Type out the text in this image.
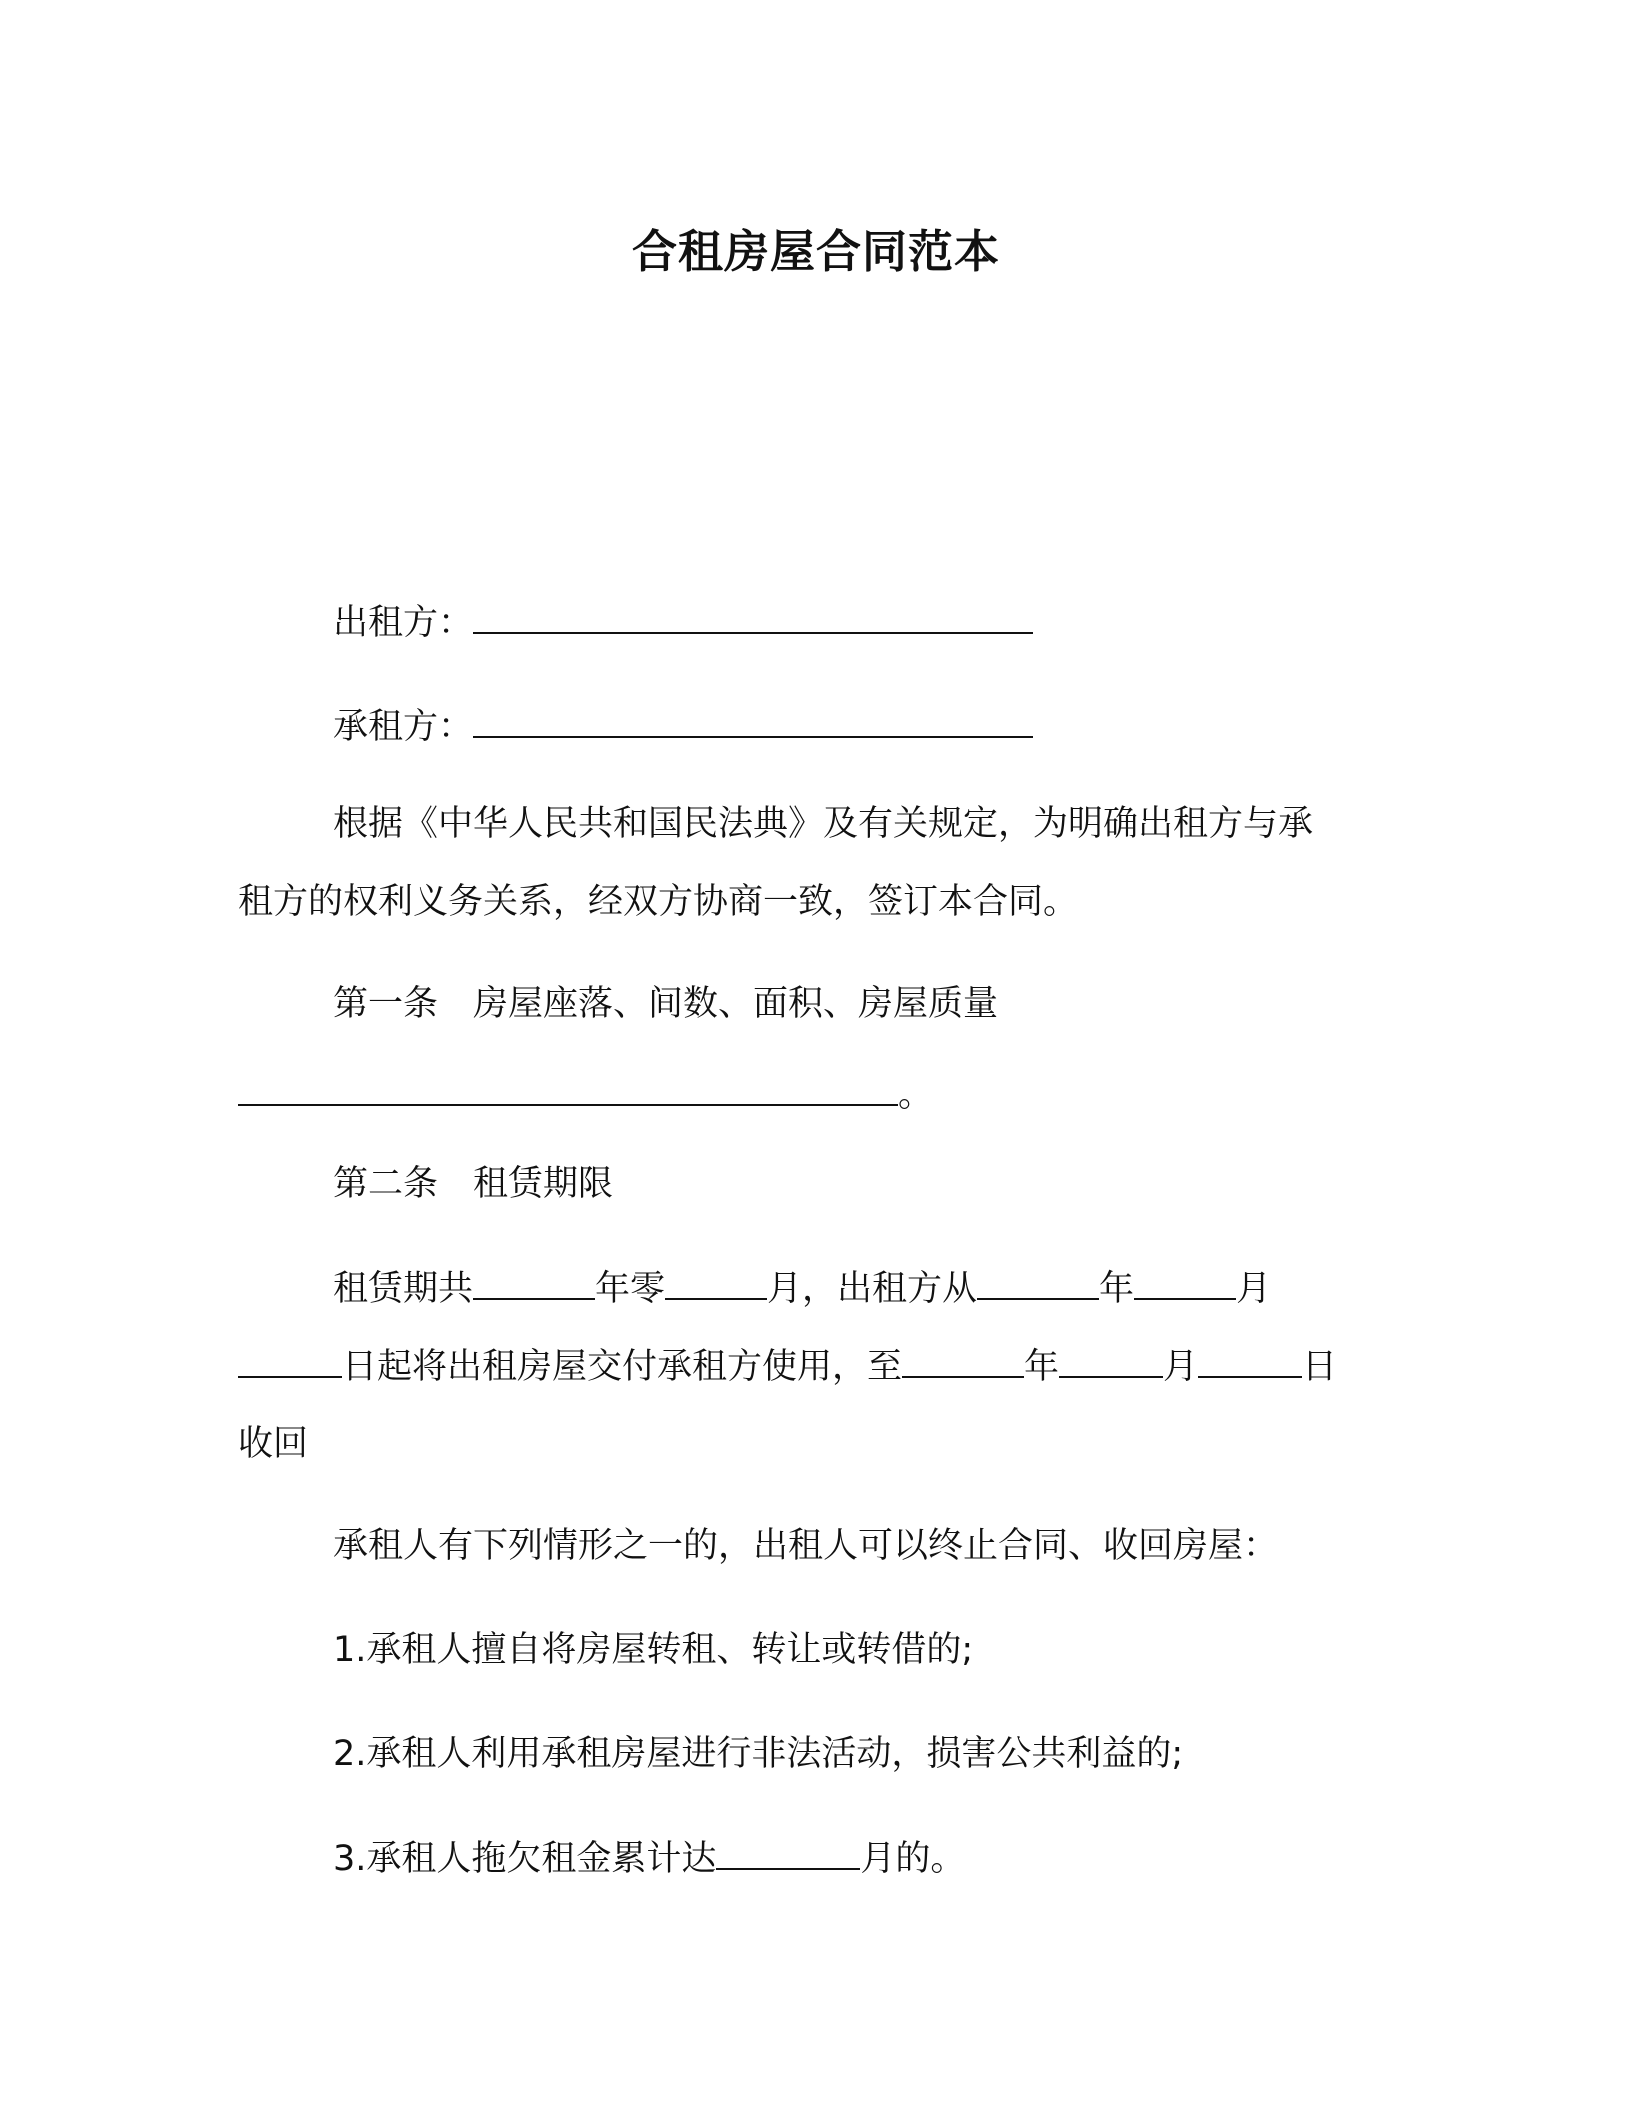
合租房屋合同范本
出租方：
承租方：
根据《中华人民共和国民法典》及有关规定，为明确出租方与承
租方的权利义务关系，经双方协商一致，签订本合同。
第一条　房屋座落、间数、面积、房屋质量
。
第二条　租赁期限
租赁期共	年零	月，出租方从	年	月
日起将出租房屋交付承租方使用，至	年	月	日
收回
承租人有下列情形之一的，出租人可以终止合同、收回房屋：
1.承租人擅自将房屋转租、转让或转借的;
2.承租人利用承租房屋进行非法活动，损害公共利益的;
3.承租人拖欠租金累计达	月的。
